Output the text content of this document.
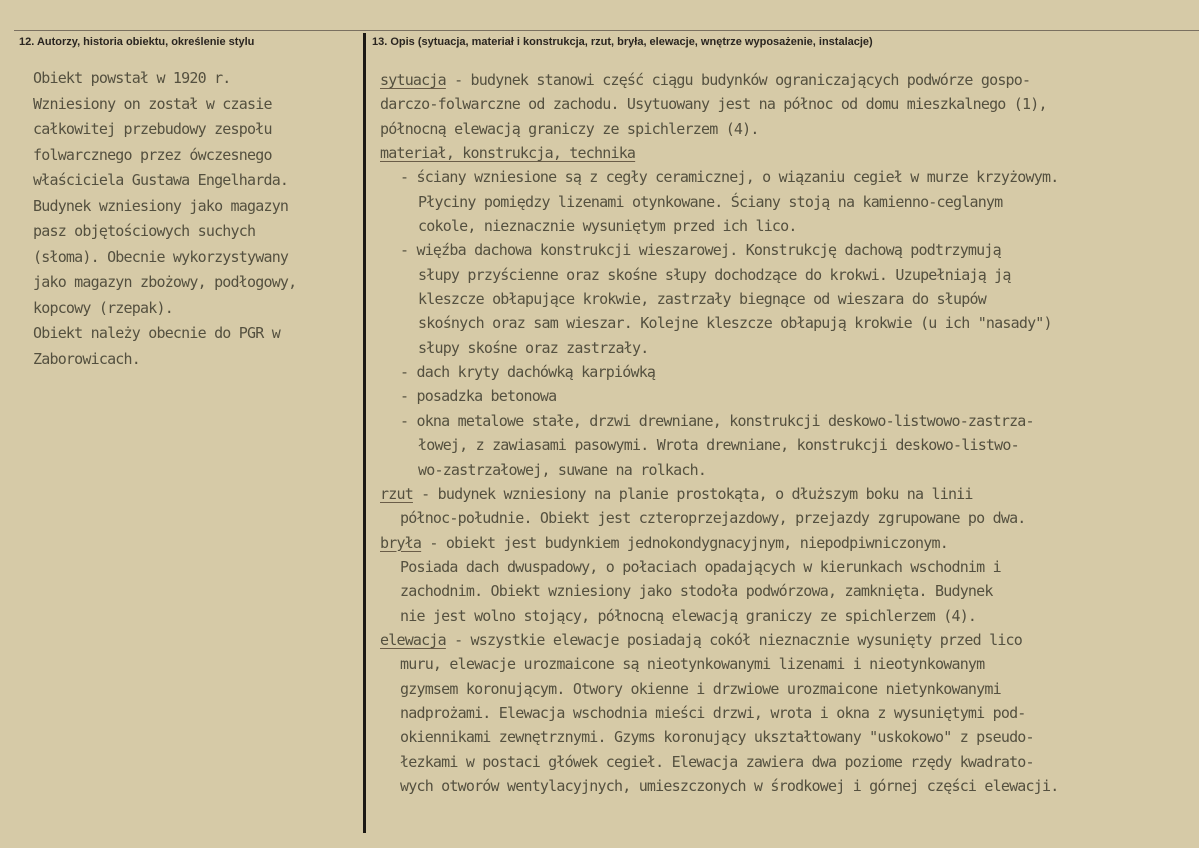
12. Autorzy, historia obiektu, określenie stylu	13. Opis (sytuacja, materiał i konstrukcja, rzut, bryła, elewacje, wnętrze wyposażenie, instalacje)
Obiekt powstał w 1920 r.
Wzniesiony on został w czasie
całkowitej przebudowy zespołu
folwarcznego przez ówczesnego
właściciela Gustawa Engelharda.
Budynek wzniesiony jako magazyn
pasz objętościowych suchych
(słoma). Obecnie wykorzystywany
jako magazyn zbożowy, podłogowy,
kopcowy (rzepak).
Obiekt należy obecnie do PGR w
Zaborowicach.
sytuacja - budynek stanowi część ciągu budynków ograniczających podwórze gospo-
darczo-folwarczne od zachodu. Usytuowany jest na północ od domu mieszkalnego (1),
północną elewacją graniczy ze spichlerzem (4).
materiał, konstrukcja, technika
- ściany wzniesione są z cegły ceramicznej, o wiązaniu cegieł w murze krzyżowym.
Płyciny pomiędzy lizenami otynkowane. Ściany stoją na kamienno-ceglanym
cokole, nieznacznie wysuniętym przed ich lico.
- więźba dachowa konstrukcji wieszarowej. Konstrukcję dachową podtrzymują
słupy przyścienne oraz skośne słupy dochodzące do krokwi. Uzupełniają ją
kleszcze obłapujące krokwie, zastrzały biegnące od wieszara do słupów
skośnych oraz sam wieszar. Kolejne kleszcze obłapują krokwie (u ich "nasady")
słupy skośne oraz zastrzały.
- dach kryty dachówką karpiówką
- posadzka betonowa
- okna metalowe stałe, drzwi drewniane, konstrukcji deskowo-listwowo-zastrza-
łowej, z zawiasami pasowymi. Wrota drewniane, konstrukcji deskowo-listwo-
wo-zastrzałowej, suwane na rolkach.
rzut - budynek wzniesiony na planie prostokąta, o dłuższym boku na linii
północ-południe. Obiekt jest czteroprzejazdowy, przejazdy zgrupowane po dwa.
bryła - obiekt jest budynkiem jednokondygnacyjnym, niepodpiwniczonym.
Posiada dach dwuspadowy, o połaciach opadających w kierunkach wschodnim i
zachodnim. Obiekt wzniesiony jako stodoła podwórzowa, zamknięta. Budynek
nie jest wolno stojący, północną elewacją graniczy ze spichlerzem (4).
elewacja - wszystkie elewacje posiadają cokół nieznacznie wysunięty przed lico
muru, elewacje urozmaicone są nieotynkowanymi lizenami i nieotynkowanym
gzymsem koronującym. Otwory okienne i drzwiowe urozmaicone nietynkowanymi
nadprożami. Elewacja wschodnia mieści drzwi, wrota i okna z wysuniętymi pod-
okiennikami zewnętrznymi. Gzyms koronujący ukształtowany "uskokowo" z pseudo-
łezkami w postaci główek cegieł. Elewacja zawiera dwa poziome rzędy kwadrato-
wych otworów wentylacyjnych, umieszczonych w środkowej i górnej części elewacji.
